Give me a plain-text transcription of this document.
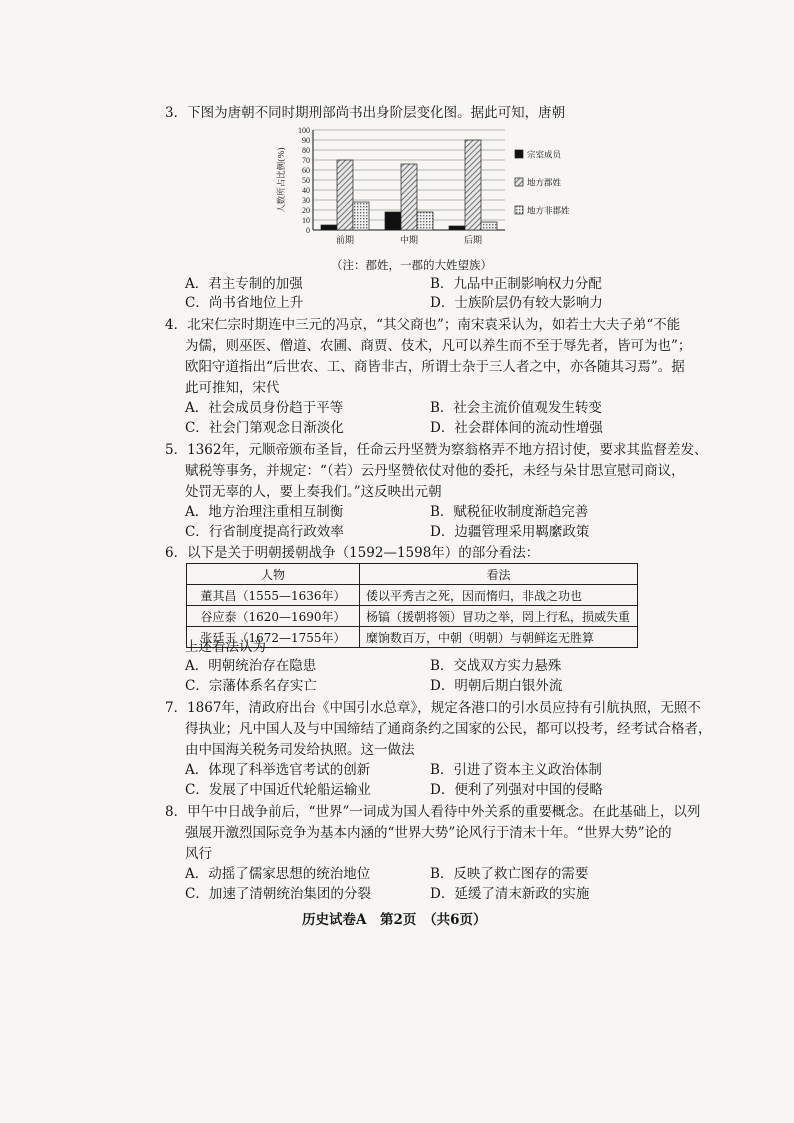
3．下图为唐朝不同时期刑部尚书出身阶层变化图。据此可知，唐朝
0
10
20
30
40
50
60
70
80
90
100
人数所占比例(%)
前期	中期	后期
宗室成员
地方郡姓
地方非郡姓
（注：郡姓，一郡的大姓望族）
A．君主专制的加强	B．九品中正制影响权力分配
C．尚书省地位上升	D．士族阶层仍有较大影响力
4．北宋仁宗时期连中三元的冯京，“其父商也”；南宋袁采认为，如若士大夫子弟“不能
为儒，则巫医、僧道、农圃、商贾、伎术，凡可以养生而不至于辱先者，皆可为也”；
欧阳守道指出“后世农、工、商皆非古，所谓士杂于三人者之中，亦各随其习焉”。据
此可推知，宋代
A．社会成员身份趋于平等	B．社会主流价值观发生转变
C．社会门第观念日渐淡化	D．社会群体间的流动性增强
5．1362年，元顺帝颁布圣旨，任命云丹坚赞为察翁格弄不地方招讨使，要求其监督差发、
赋税等事务，并规定：“（若）云丹坚赞依仗对他的委托，未经与朵甘思宣慰司商议，
处罚无辜的人，要上奏我们。”这反映出元朝
A．地方治理注重相互制衡	B．赋税征收制度渐趋完善
C．行省制度提高行政效率	D．边疆管理采用羁縻政策
6．以下是关于明朝援朝战争（1592—1598年）的部分看法：
人物	看法
董其昌（1555—1636年）	倭以平秀吉之死，因而惰归，非战之功也
谷应泰（1620—1690年）	杨镐（援朝将领）冒功之举，罔上行私，损威失重
张廷玉（1672—1755年）	糜饷数百万，中朝（明朝）与朝鲜迄无胜算
上述看法认为
A．明朝统治存在隐患	B．交战双方实力悬殊
C．宗藩体系名存实亡	D．明朝后期白银外流
7．1867年，清政府出台《中国引水总章》，规定各港口的引水员应持有引航执照，无照不
得执业；凡中国人及与中国缔结了通商条约之国家的公民，都可以投考，经考试合格者，
由中国海关税务司发给执照。这一做法
A．体现了科举选官考试的创新	B．引进了资本主义政治体制
C．发展了中国近代轮船运输业	D．便利了列强对中国的侵略
8．甲午中日战争前后，“世界”一词成为国人看待中外关系的重要概念。在此基础上，以列
强展开激烈国际竞争为基本内涵的“世界大势”论风行于清末十年。“世界大势”论的
风行
A．动摇了儒家思想的统治地位	B．反映了救亡图存的需要
C．加速了清朝统治集团的分裂	D．延缓了清末新政的实施
历史试卷A　第2页　（共6页）
